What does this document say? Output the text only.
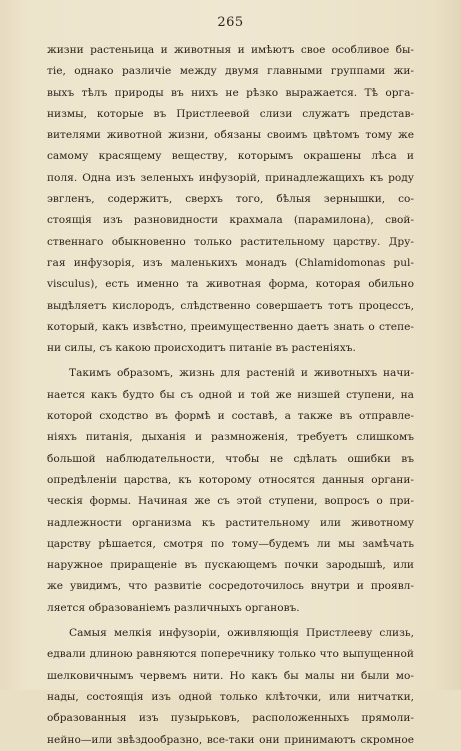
265
жизни растеньица и животныя и имѣютъ свое особливое бы-
тіе, однако различіе между двумя главными группами жи-
выхъ тѣлъ природы въ нихъ не рѣзко выражается. Тѣ орга-
низмы, которые въ Пристлеевой слизи служатъ представ-
вителями животной жизни, обязаны своимъ цвѣтомъ тому же
самому красящему веществу, которымъ окрашены лѣса и
поля. Одна изъ зеленыхъ инфузорій, принадлежащихъ къ роду
эвгленъ, содержитъ, сверхъ того, бѣлыя зернышки, со-
стоящія изъ разновидности крахмала (парамилона), свой-
ственнаго обыкновенно только растительному царству. Дру-
гая инфузорія, изъ маленькихъ монадъ (Chlamidomonas pul-
visculus), есть именно та животная форма, которая обильно
выдѣляетъ кислородъ, слѣдственно совершаетъ тотъ процессъ,
который, какъ извѣстно, преимущественно даетъ знать о степе-
ни силы, съ какою происходитъ питаніе въ растеніяхъ.
Такимъ образомъ, жизнь для растеній и животныхъ начи-
нается какъ будто бы съ одной и той же низшей ступени, на
которой сходство въ формѣ и составѣ, а также въ отправле-
ніяхъ питанія, дыханія и размноженія, требуетъ слишкомъ
большой наблюдательности, чтобы не сдѣлать ошибки въ
опредѣленіи царства, къ которому относятся данныя органи-
ческія формы. Начиная же съ этой ступени, вопросъ о при-
надлежности организма къ растительному или животному
царству рѣшается, смотря по тому—будемъ ли мы замѣчать
наружное приращеніе въ пускающемъ почки зародышѣ, или
же увидимъ, что развитіе сосредоточилось внутри и проявл-
ляется образованіемъ различныхъ органовъ.
Самыя мелкія инфузоріи, оживляющія Пристлееву слизь,
едвали длиною равняются поперечнику только что выпущенной
шелковичнымъ червемъ нити. Но какъ бы малы ни были мо-
нады, состоящія изъ одной только клѣточки, или нитчатки,
образованныя изъ пузырьковъ, расположенныхъ прямоли-
нейно—или звѣздообразно, все-таки они принимаютъ скромное
